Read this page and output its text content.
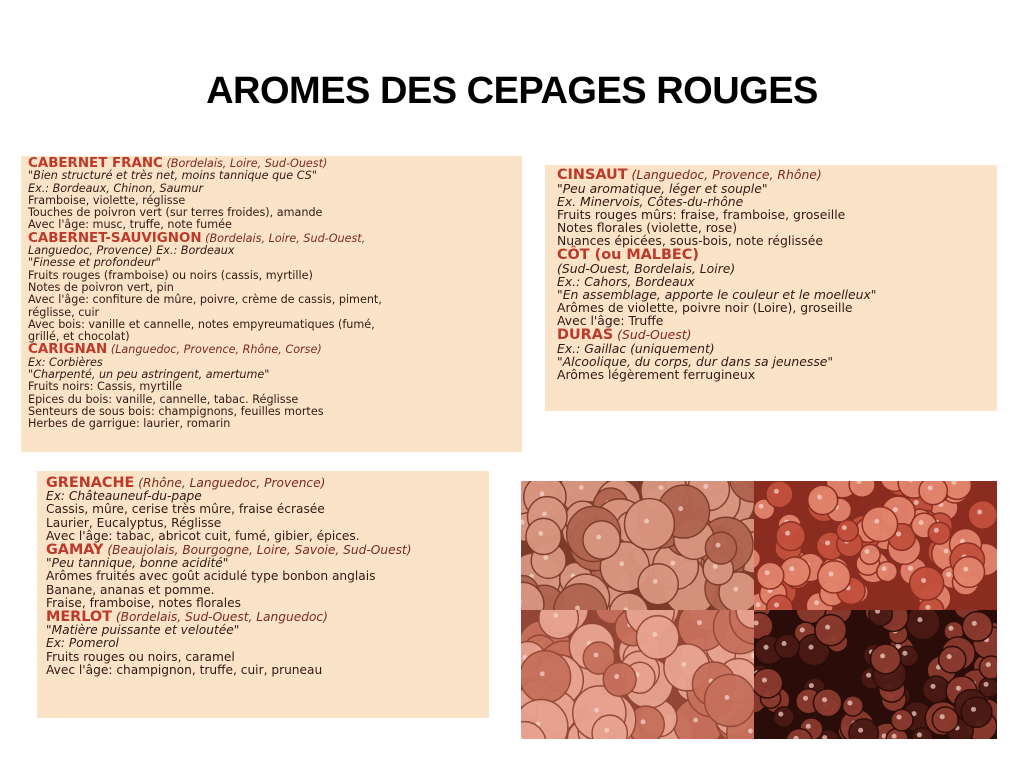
AROMES DES CEPAGES ROUGES
CABERNET FRANC (Bordelais, Loire, Sud-Ouest)
"Bien structuré et très net, moins tannique que CS"
Ex.: Bordeaux, Chinon, Saumur
Framboise, violette, réglisse
Touches de poivron vert (sur terres froides), amande
Avec l'âge: musc, truffe, note fumée
CABERNET-SAUVIGNON (Bordelais, Loire, Sud-Ouest,
Languedoc, Provence) Ex.: Bordeaux
"Finesse et profondeur"
Fruits rouges (framboise) ou noirs (cassis, myrtille)
Notes de poivron vert, pin
Avec l'âge: confiture de mûre, poivre, crème de cassis, piment,
réglisse, cuir
Avec bois: vanille et cannelle, notes empyreumatiques (fumé,
grillé, et chocolat)
CARIGNAN (Languedoc, Provence, Rhône, Corse)
Ex: Corbières
"Charpenté, un peu astringent, amertume"
Fruits noirs: Cassis, myrtille
Epices du bois: vanille, cannelle, tabac. Réglisse
Senteurs de sous bois: champignons, feuilles mortes
Herbes de garrigue: laurier, romarin
CINSAUT (Languedoc, Provence, Rhône)
"Peu aromatique, léger et souple"
Ex. Minervois, Côtes-du-rhône
Fruits rouges mûrs: fraise, framboise, groseille
Notes florales (violette, rose)
Nuances épicées, sous-bois, note réglissée
CÔT (ou MALBEC)
(Sud-Ouest, Bordelais, Loire)
Ex.: Cahors, Bordeaux
"En assemblage, apporte le couleur et le moelleux"
Arômes de violette, poivre noir (Loire), groseille
Avec l'âge: Truffe
DURAS (Sud-Ouest)
Ex.: Gaillac (uniquement)
"Alcoolique, du corps, dur dans sa jeunesse"
Arômes légèrement ferrugineux
GRENACHE (Rhône, Languedoc, Provence)
Ex: Châteauneuf-du-pape
Cassis, mûre, cerise très mûre, fraise écrasée
Laurier, Eucalyptus, Réglisse
Avec l'âge: tabac, abricot cuit, fumé, gibier, épices.
GAMAY (Beaujolais, Bourgogne, Loire, Savoie, Sud-Ouest)
"Peu tannique, bonne acidité"
Arômes fruités avec goût acidulé type bonbon anglais
Banane, ananas et pomme.
Fraise, framboise, notes florales
MERLOT (Bordelais, Sud-Ouest, Languedoc)
"Matière puissante et veloutée"
Ex: Pomerol
Fruits rouges ou noirs, caramel
Avec l'âge: champignon, truffe, cuir, pruneau
